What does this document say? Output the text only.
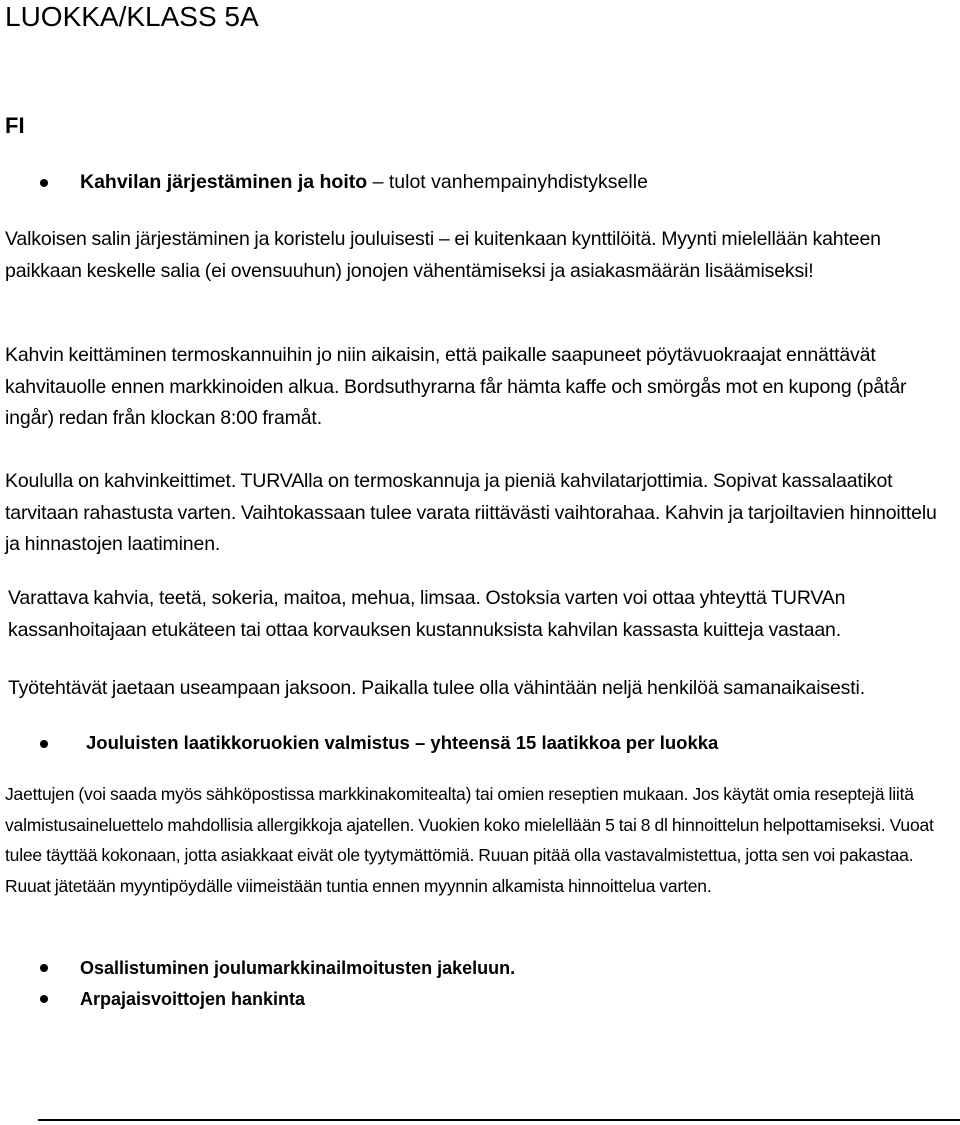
LUOKKA/KLASS 5A
FI
Kahvilan järjestäminen ja hoito – tulot vanhempainyhdistykselle
Valkoisen salin järjestäminen ja koristelu jouluisesti – ei kuitenkaan kynttilöitä. Myynti mielellään kahteen paikkaan keskelle salia (ei ovensuuhun) jonojen vähentämiseksi ja asiakasmäärän lisäämiseksi!
Kahvin keittäminen termoskannuihin jo niin aikaisin, että paikalle saapuneet pöytävuokraajat ennättävät kahvitauolle ennen markkinoiden alkua. Bordsuthyrarna får hämta kaffe och smörgås mot en kupong (påtår ingår) redan från klockan 8:00 framåt.
Koululla on kahvinkeittimet. TURVAlla on termoskannuja ja pieniä kahvilatarjottimia. Sopivat kassalaatikot tarvitaan rahastusta varten. Vaihtokassaan tulee varata riittävästi vaihtorahaa. Kahvin ja tarjoiltavien hinnoittelu ja hinnastojen laatiminen.
Varattava kahvia, teetä, sokeria, maitoa, mehua, limsaa. Ostoksia varten voi ottaa yhteyttä TURVAn kassanhoitajaan etukäteen tai ottaa korvauksen kustannuksista kahvilan kassasta kuitteja vastaan.
Työtehtävät jaetaan useampaan jaksoon. Paikalla tulee olla vähintään neljä henkilöä samanaikaisesti.
Jouluisten laatikkoruokien valmistus – yhteensä 15 laatikkoa per luokka
Jaettujen (voi saada myös sähköpostissa markkinakomitealta) tai omien reseptien mukaan. Jos käytät omia reseptejä liitä valmistusaineluettelo mahdollisia allergikkoja ajatellen. Vuokien koko mielellään 5 tai 8 dl hinnoittelun helpottamiseksi. Vuoat tulee täyttää kokonaan, jotta asiakkaat eivät ole tyytymättömiä. Ruuan pitää olla vastavalmistettua, jotta sen voi pakastaa. Ruuat jätetään myyntipöydälle viimeistään tuntia ennen myynnin alkamista hinnoittelua varten.
Osallistuminen joulumarkkinailmoitusten jakeluun.
Arpajaisvoittojen hankinta
